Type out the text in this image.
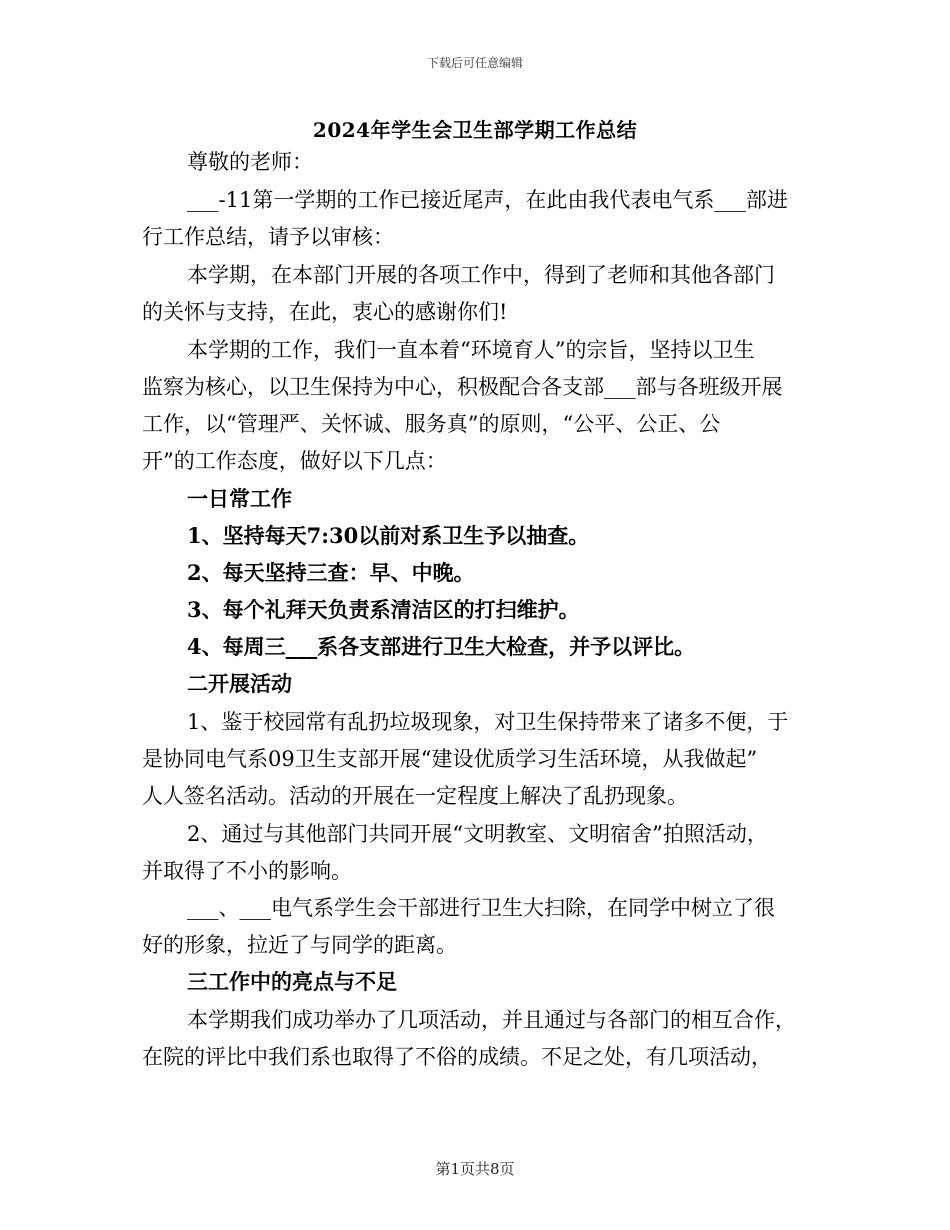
下载后可任意编辑
2024年学生会卫生部学期工作总结
尊敬的老师：
___-11第一学期的工作已接近尾声，在此由我代表电气系___部进
行工作总结，请予以审核：
本学期，在本部门开展的各项工作中，得到了老师和其他各部门
的关怀与支持，在此，衷心的感谢你们!
本学期的工作，我们一直本着“环境育人”的宗旨，坚持以卫生
监察为核心，以卫生保持为中心，积极配合各支部___部与各班级开展
工作，以“管理严、关怀诚、服务真”的原则，“公平、公正、公
开”的工作态度，做好以下几点：
一日常工作
1、坚持每天7:30以前对系卫生予以抽查。
2、每天坚持三查：早、中晚。
3、每个礼拜天负责系清洁区的打扫维护。
4、每周三___系各支部进行卫生大检查，并予以评比。
二开展活动
1、鉴于校园常有乱扔垃圾现象，对卫生保持带来了诸多不便，于
是协同电气系09卫生支部开展“建设优质学习生活环境，从我做起”
人人签名活动。活动的开展在一定程度上解决了乱扔现象。
2、通过与其他部门共同开展“文明教室、文明宿舍”拍照活动，
并取得了不小的影响。
___、___电气系学生会干部进行卫生大扫除，在同学中树立了很
好的形象，拉近了与同学的距离。
三工作中的亮点与不足
本学期我们成功举办了几项活动，并且通过与各部门的相互合作，
在院的评比中我们系也取得了不俗的成绩。不足之处，有几项活动，
第1页共8页
